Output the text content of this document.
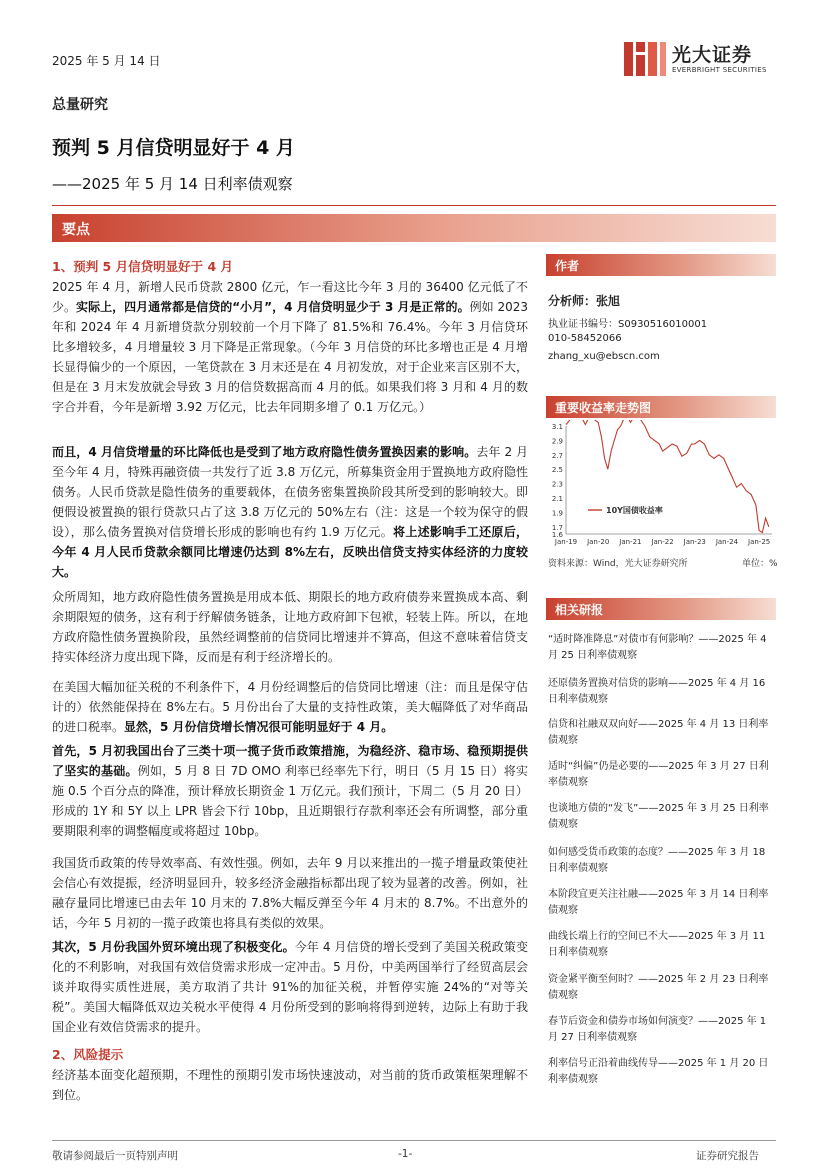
2025 年 5 月 14 日	光大证券
EVERBRIGHT SECURITIES
总量研究
预判 5 月信贷明显好于 4 月
——2025 年 5 月 14 日利率债观察
要点
1、预判 5 月信贷明显好于 4 月
2025 年 4 月，新增人民币贷款 2800 亿元，乍一看这比今年 3 月的 36400 亿元低了不少。实际上，四月通常都是信贷的“小月”，4 月信贷明显少于 3 月是正常的。例如 2023 年和 2024 年 4 月新增贷款分别较前一个月下降了 81.5%和 76.4%。今年 3 月信贷环比多增较多，4 月增量较 3 月下降是正常现象。（今年 3 月信贷的环比多增也正是 4 月增长显得偏少的一个原因，一笔贷款在 3 月末还是在 4 月初发放，对于企业来言区别不大，但是在 3 月末发放就会导致 3 月的信贷数据高而 4 月的低。如果我们将 3 月和 4 月的数字合并看，今年是新增 3.92 万亿元，比去年同期多增了 0.1 万亿元。）
而且，4 月信贷增量的环比降低也是受到了地方政府隐性债务置换因素的影响。去年 2 月至今年 4 月，特殊再融资债一共发行了近 3.8 万亿元，所募集资金用于置换地方政府隐性债务。人民币贷款是隐性债务的重要载体，在债务密集置换阶段其所受到的影响较大。即便假设被置换的银行贷款只占了这 3.8 万亿元的 50%左右（注：这是一个较为保守的假设），那么债务置换对信贷增长形成的影响也有约 1.9 万亿元。将上述影响手工还原后，今年 4 月人民币贷款余额同比增速仍达到 8%左右，反映出信贷支持实体经济的力度较大。
众所周知，地方政府隐性债务置换是用成本低、期限长的地方政府债券来置换成本高、剩余期限短的债务，这有利于纾解债务链条，让地方政府卸下包袱，轻装上阵。所以，在地方政府隐性债务置换阶段，虽然经调整前的信贷同比增速并不算高，但这不意味着信贷支持实体经济力度出现下降，反而是有利于经济增长的。
在美国大幅加征关税的不利条件下，4 月份经调整后的信贷同比增速（注：而且是保守估计的）依然能保持在 8%左右。5 月份出台了大量的支持性政策，美大幅降低了对华商品的进口税率。显然，5 月份信贷增长情况很可能明显好于 4 月。
首先，5 月初我国出台了三类十项一揽子货币政策措施，为稳经济、稳市场、稳预期提供了坚实的基础。例如，5 月 8 日 7D OMO 利率已经率先下行，明日（5 月 15 日）将实施 0.5 个百分点的降准，预计释放长期资金 1 万亿元。我们预计，下周二（5 月 20 日）形成的 1Y 和 5Y 以上 LPR 皆会下行 10bp，且近期银行存款利率还会有所调整，部分重要期限利率的调整幅度或将超过 10bp。
我国货币政策的传导效率高、有效性强。例如，去年 9 月以来推出的一揽子增量政策使社会信心有效提振，经济明显回升，较多经济金融指标都出现了较为显著的改善。例如，社融存量同比增速已由去年 10 月末的 7.8%大幅反弹至今年 4 月末的 8.7%。不出意外的话，今年 5 月初的一揽子政策也将具有类似的效果。
其次，5 月份我国外贸环境出现了积极变化。今年 4 月信贷的增长受到了美国关税政策变化的不利影响，对我国有效信贷需求形成一定冲击。5 月份，中美两国举行了经贸高层会谈并取得实质性进展，美方取消了共计 91%的加征关税，并暂停实施 24%的“对等关税”。美国大幅降低双边关税水平使得 4 月份所受到的影响将得到逆转，边际上有助于我国企业有效信贷需求的提升。
2、风险提示
经济基本面变化超预期，不理性的预期引发市场快速波动，对当前的货币政策框架理解不到位。
作者
分析师：张旭
执业证书编号：S0930516010001
010-58452066
zhang_xu@ebscn.com
重要收益率走势图
3.1
2.9
2.7
2.5
2.3
2.1
1.9
1.7
1.6
Jan-19 Jan-20 Jan-21 Jan-22 Jan-23 Jan-24 Jan-25
10Y国债收益率
资料来源：Wind，光大证券研究所	单位：%
相关研报
“适时降准降息”对债市有何影响？——2025 年 4 月 25 日利率债观察
还原债务置换对信贷的影响——2025 年 4 月 16 日利率债观察
信贷和社融双双向好——2025 年 4 月 13 日利率债观察
适时“纠偏”仍是必要的——2025 年 3 月 27 日利率债观察
也谈地方债的“发飞”——2025 年 3 月 25 日利率债观察
如何感受货币政策的态度？——2025 年 3 月 18 日利率债观察
本阶段宜更关注社融——2025 年 3 月 14 日利率债观察
曲线长端上行的空间已不大——2025 年 3 月 11 日利率债观察
资金紧平衡至何时？——2025 年 2 月 23 日利率债观察
春节后资金和债券市场如何演变？——2025 年 1 月 27 日利率债观察
利率信号正沿着曲线传导——2025 年 1 月 20 日利率债观察
敬请参阅最后一页特别声明	-1-	证券研究报告
